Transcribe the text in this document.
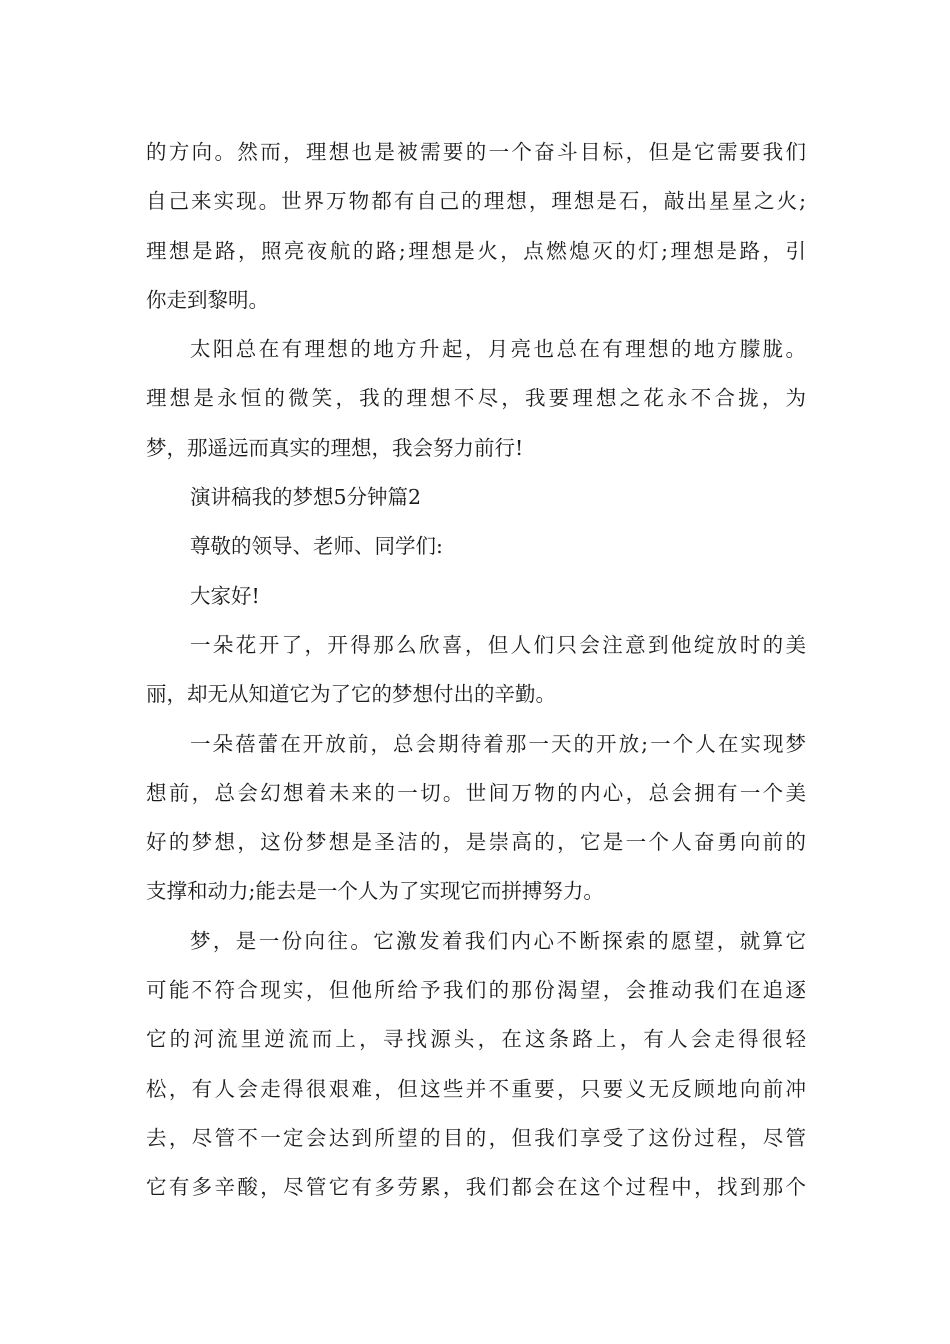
的方向。然而，理想也是被需要的一个奋斗目标，但是它需要我们
自己来实现。世界万物都有自己的理想，理想是石，敲出星星之火;
理想是路，照亮夜航的路;理想是火，点燃熄灭的灯;理想是路，引
你走到黎明。
太阳总在有理想的地方升起，月亮也总在有理想的地方朦胧。
理想是永恒的微笑，我的理想不尽，我要理想之花永不合拢，为
梦，那遥远而真实的理想，我会努力前行!
演讲稿我的梦想5分钟篇2
尊敬的领导、老师、同学们:
大家好!
一朵花开了，开得那么欣喜，但人们只会注意到他绽放时的美
丽，却无从知道它为了它的梦想付出的辛勤。
一朵蓓蕾在开放前，总会期待着那一天的开放;一个人在实现梦
想前，总会幻想着未来的一切。世间万物的内心，总会拥有一个美
好的梦想，这份梦想是圣洁的，是崇高的，它是一个人奋勇向前的
支撑和动力;能去是一个人为了实现它而拼搏努力。
梦，是一份向往。它激发着我们内心不断探索的愿望，就算它
可能不符合现实，但他所给予我们的那份渴望，会推动我们在追逐
它的河流里逆流而上，寻找源头，在这条路上，有人会走得很轻
松，有人会走得很艰难，但这些并不重要，只要义无反顾地向前冲
去，尽管不一定会达到所望的目的，但我们享受了这份过程，尽管
它有多辛酸，尽管它有多劳累，我们都会在这个过程中，找到那个
